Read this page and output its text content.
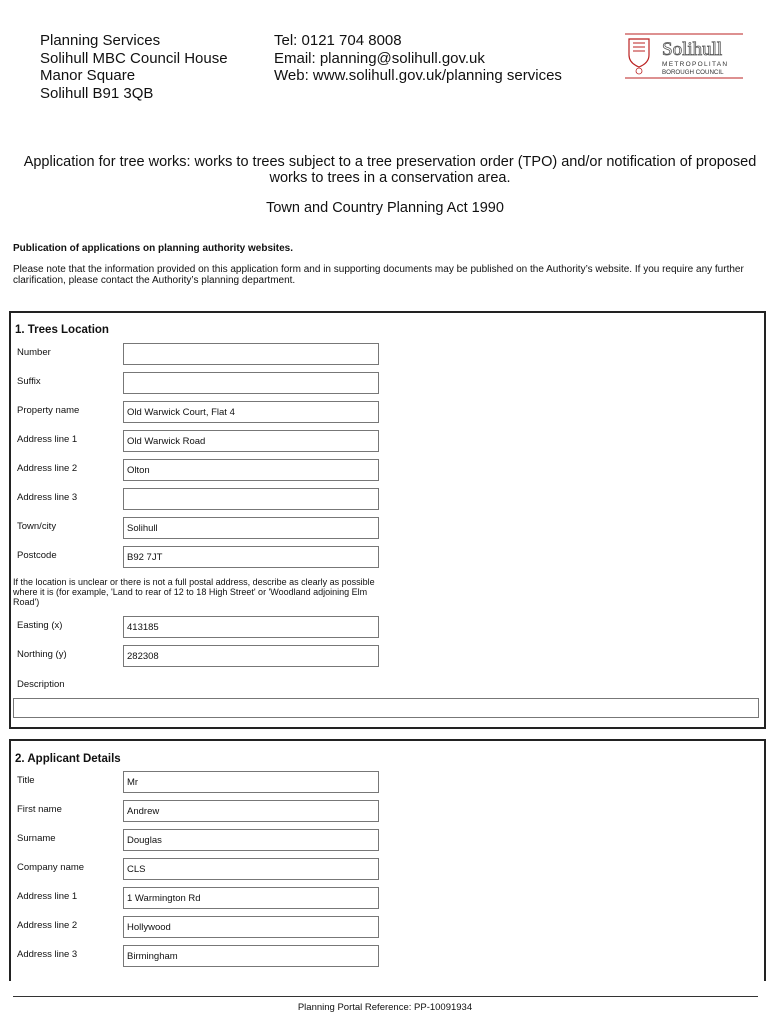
Planning Services
Solihull MBC Council House
Manor Square
Solihull B91 3QB
Tel: 0121 704 8008
Email: planning@solihull.gov.uk
Web: www.solihull.gov.uk/planning services
Solihull
METROPOLITAN
BOROUGH COUNCIL
Application for tree works: works to trees subject to a tree preservation order (TPO) and/or notification of proposed works to trees in a conservation area.
Town and Country Planning Act 1990
Publication of applications on planning authority websites.
Please note that the information provided on this application form and in supporting documents may be published on the Authority’s website. If you require any further clarification, please contact the Authority’s planning department.
1. Trees Location
Number
Suffix
Property name	Old Warwick Court, Flat 4
Address line 1	Old Warwick Road
Address line 2	Olton
Address line 3
Town/city	Solihull
Postcode	B92 7JT
If the location is unclear or there is not a full postal address, describe as clearly as possible where it is (for example, 'Land to rear of 12 to 18 High Street' or 'Woodland adjoining Elm Road')
Easting (x)	413185
Northing (y)	282308
Description
2. Applicant Details
Title	Mr
First name	Andrew
Surname	Douglas
Company name	CLS
Address line 1	1 Warmington Rd
Address line 2	Hollywood
Address line 3	Birmingham
Planning Portal Reference: PP-10091934
